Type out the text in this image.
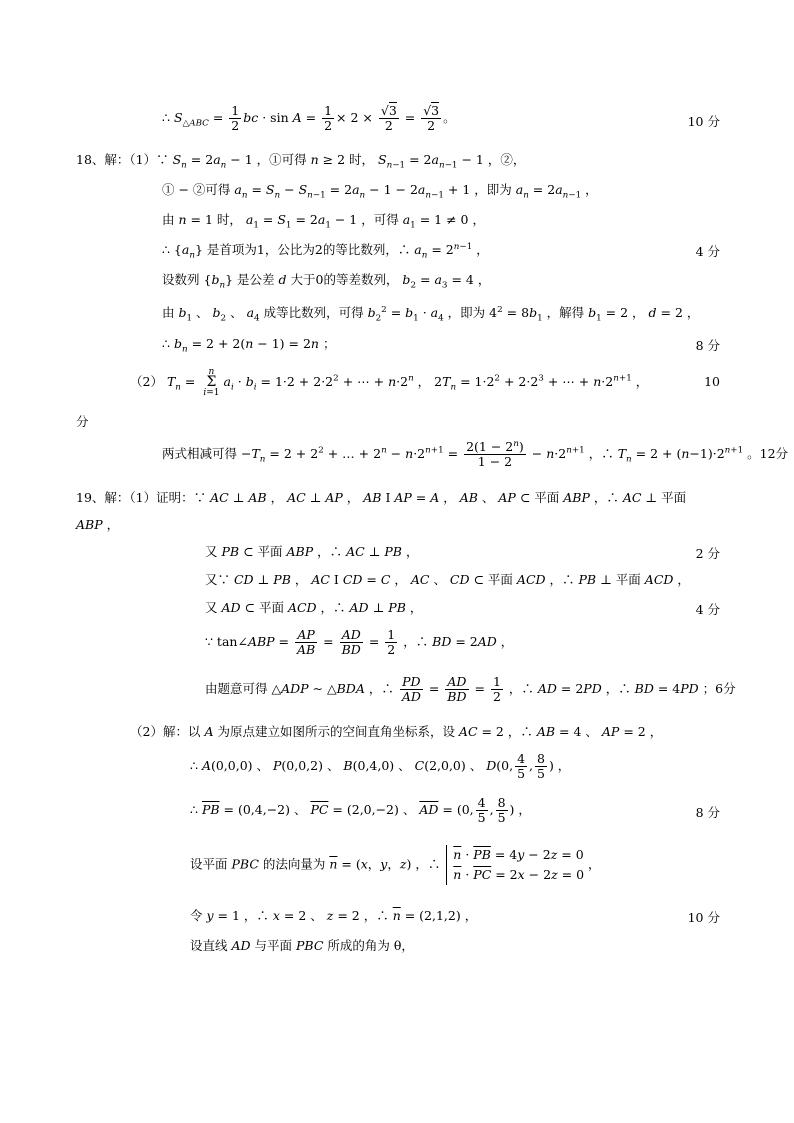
∴ $S_{\triangle ABC} = \frac{1}{2}$ bc · $\sin A = \frac{1}{2} \times 2 \times \frac{√3}{2} = \frac{√3}{2}$ 。	10 分
18、解：（1）∵ $S_n = 2a_n - 1$ ，①可得 n ≥ 2 时， $S_{n-1} = 2a_{n-1} - 1$ ，②，
① − ②可得 $a_n = S_n - S_{n-1} = 2a_n - 1 - 2a_{n-1} + 1$ ，即为 $a_n = 2a_{n-1}$ ，
由 n = 1 时， $a_1 = S_1 = 2a_1 - 1$ ，可得 $a_1 = 1 \ne 0$ ，
∴ $\{a_n\}$ 是首项为1，公比为2的等比数列，∴ $a_n = 2^{n-1}$ ，	4 分
设数列 $\{b_n\}$ 是公差 d 大于0的等差数列， $b_2 = a_3 = 4$ ，
由 $b_1$ 、 $b_2$ 、 $a_4$ 成等比数列，可得 $b_2^2 = b_1 \cdot a_4$ ，即为 $4^2 = 8b_1$ ，解得 $b_1 = 2$ ， d = 2 ，
∴ $b_n = 2 + 2(n - 1) = 2n$ ；	8 分
（2） $T_n$ =
n
Σ
i=1
$a_i \cdot b_i = 1\cdot 2 + 2\cdot 2^2$ + ⋯ + $n\cdot 2^n$ ， $2T_n = 1\cdot 2^2 + 2\cdot 2^3$ + ⋯ + $n\cdot 2^{n+1}$ ，	10
分
两式相减可得 $-T_n = 2 + 2^2$ + … + $2^n - n\cdot 2^{n+1} = \frac{2(1 - 2^n)}{1 - 2} - n\cdot 2^{n+1}$ ，∴ $T_n = 2 + (n-1)\cdot 2^{n+1}$ 。12分
19、解：（1）证明：∵ AC ⊥ AB ， AC ⊥ AP ， AB I AP = A ， AB 、 AP ⊂ 平面 ABP ，∴ AC ⊥ 平面
ABP ，
又 PB ⊂ 平面 ABP ，∴ AC ⊥ PB ，	2 分
又∵ CD ⊥ PB ， AC I CD = C ， AC 、 CD ⊂ 平面 ACD ，∴ PB ⊥ 平面 ACD ，
又 AD ⊂ 平面 ACD ，∴ AD ⊥ PB ，	4 分
∵ tan∠ABP = $\frac{AP}{AB} = \frac{AD}{BD} = \frac{1}{2}$ ，∴ BD = 2AD ，
由题意可得 △ADP ∼ △BDA ，∴ $\frac{PD}{AD} = \frac{AD}{BD} = \frac{1}{2}$ ，∴ AD = 2PD ，∴ BD = 4PD ；6分
（2）解：以 A 为原点建立如图所示的空间直角坐标系，设 AC = 2 ，∴ AB = 4 、 AP = 2 ，
∴ A(0,0,0) 、 P(0,0,2) 、 B(0,4,0) 、 C(2,0,0) 、 D(0, $\frac{4}{5}$ , $\frac{8}{5}$ ) ，
∴ $\overline{PB} = (0,4,-2)$ 、 $\overline{PC} = (2,0,-2)$ 、 $\overline{AD} = (0$, $\frac{4}{5}$ , $\frac{8}{5}$ ) ，	8 分
设平面 PBC 的法向量为 $\overline{n} = (x$，y，z) ，∴
$\overline{n} \cdot \overline{PB} = 4y - 2z = 0$
$\overline{n} \cdot \overline{PC} = 2x - 2z = 0$
，
令 y = 1 ，∴ x = 2 、 z = 2 ，∴ $\overline{n} = (2,1,2)$ ，	10 分
设直线 AD 与平面 PBC 所成的角为 θ，
